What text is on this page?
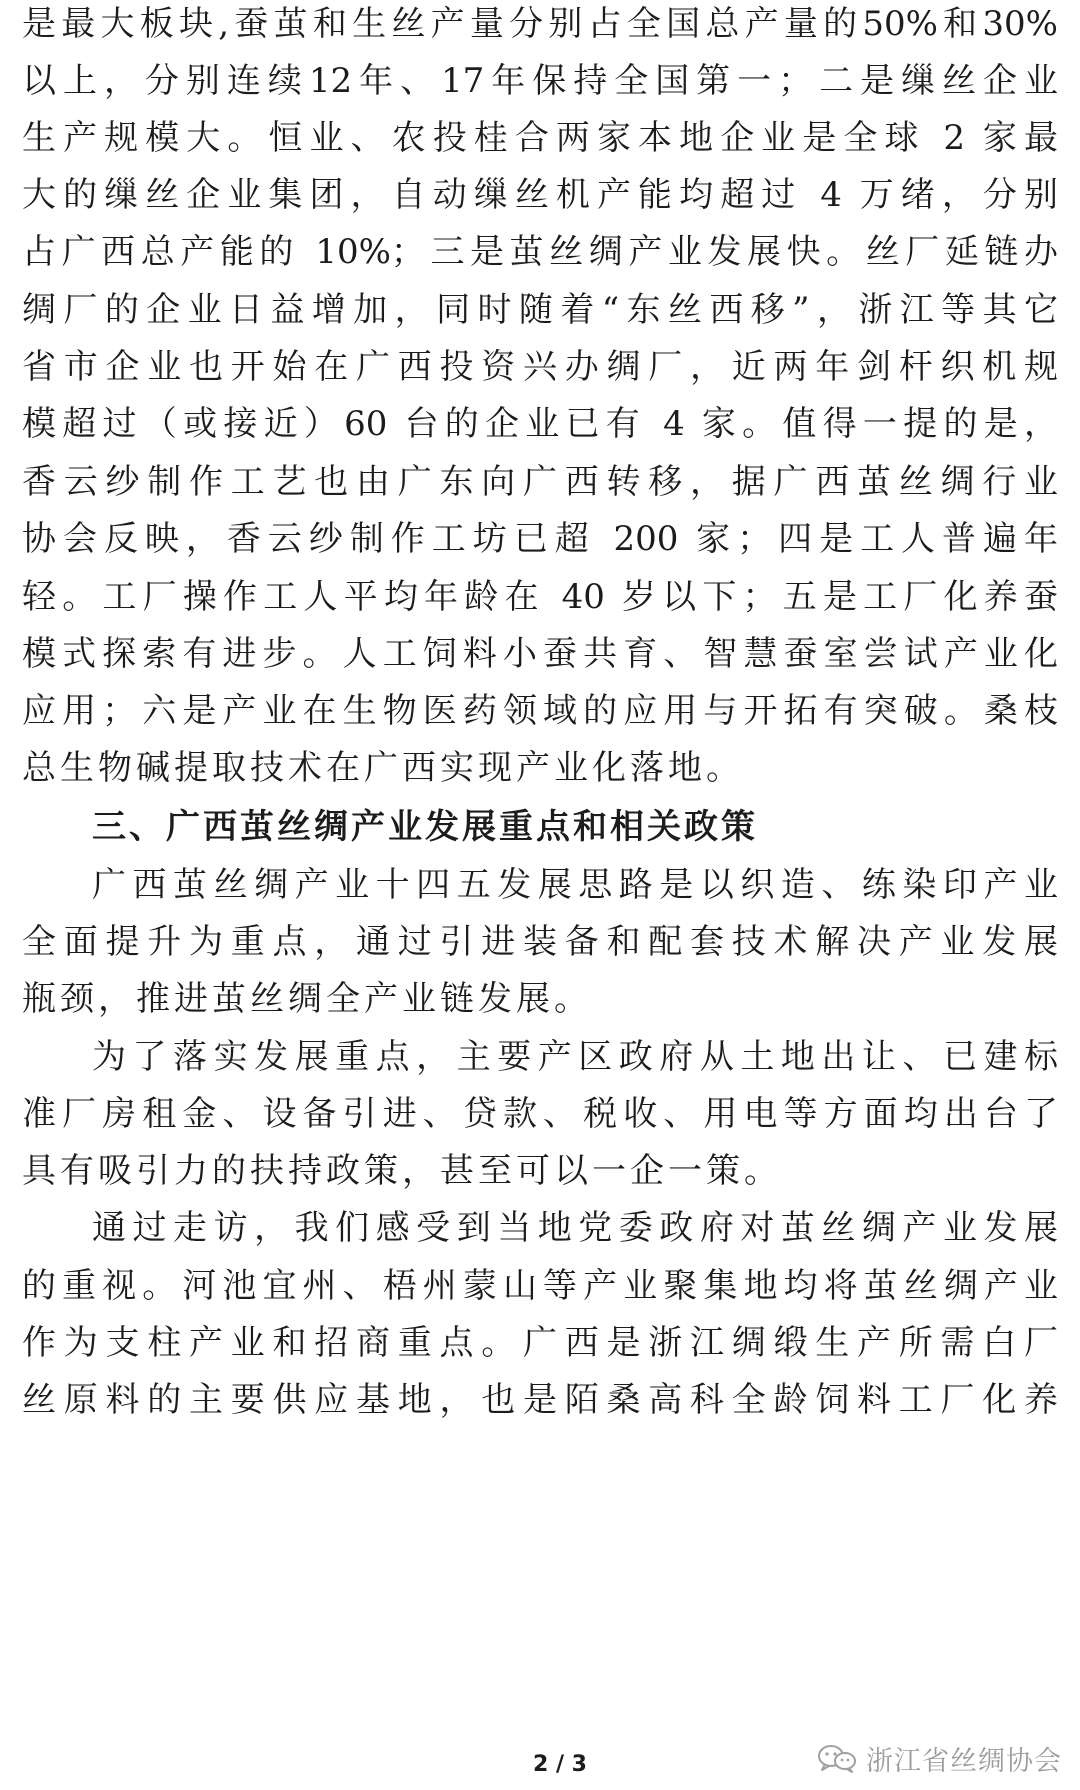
是最大板块,蚕茧和生丝产量分别占全国总产量的50%和30%
以上，分别连续12年、17年保持全国第一；二是缫丝企业
生产规模大。恒业、农投桂合两家本地企业是全球 2 家最
大的缫丝企业集团，自动缫丝机产能均超过 4 万绪，分别
占广西总产能的 10%；三是茧丝绸产业发展快。丝厂延链办
绸厂的企业日益增加，同时随着“东丝西移”，浙江等其它
省市企业也开始在广西投资兴办绸厂，近两年剑杆织机规
模超过（或接近）60 台的企业已有 4 家。值得一提的是，
香云纱制作工艺也由广东向广西转移，据广西茧丝绸行业
协会反映，香云纱制作工坊已超 200 家；四是工人普遍年
轻。工厂操作工人平均年龄在 40 岁以下；五是工厂化养蚕
模式探索有进步。人工饲料小蚕共育、智慧蚕室尝试产业化
应用；六是产业在生物医药领域的应用与开拓有突破。桑枝
总生物碱提取技术在广西实现产业化落地。
三、广西茧丝绸产业发展重点和相关政策
广西茧丝绸产业十四五发展思路是以织造、练染印产业
全面提升为重点，通过引进装备和配套技术解决产业发展
瓶颈，推进茧丝绸全产业链发展。
为了落实发展重点，主要产区政府从土地出让、已建标
准厂房租金、设备引进、贷款、税收、用电等方面均出台了
具有吸引力的扶持政策，甚至可以一企一策。
通过走访，我们感受到当地党委政府对茧丝绸产业发展
的重视。河池宜州、梧州蒙山等产业聚集地均将茧丝绸产业
作为支柱产业和招商重点。广西是浙江绸缎生产所需白厂
丝原料的主要供应基地，也是陌桑高科全龄饲料工厂化养
2 / 3	浙江省丝绸协会
